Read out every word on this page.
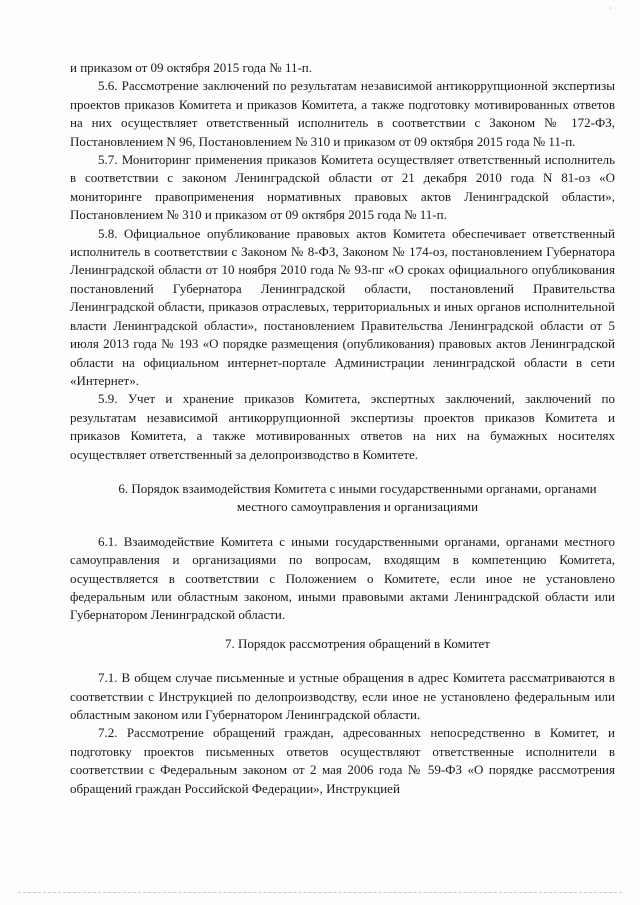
·
и приказом от 09 октября 2015 года № 11-п.
5.6. Рассмотрение заключений по результатам независимой антикоррупционной экспертизы проектов приказов Комитета и приказов Комитета, а также подготовку мотивированных ответов на них осуществляет ответственный исполнитель в соответствии с Законом № 172-ФЗ, Постановлением N 96, Постановлением № 310 и приказом от 09 октября 2015 года № 11-п.
5.7. Мониторинг применения приказов Комитета осуществляет ответственный исполнитель в соответствии с законом Ленинградской области от 21 декабря 2010 года N 81-оз «О мониторинге правоприменения нормативных правовых актов Ленинградской области», Постановлением № 310 и приказом от 09 октября 2015 года № 11-п.
5.8. Официальное опубликование правовых актов Комитета обеспечивает ответственный исполнитель в соответствии с Законом № 8-ФЗ, Законом № 174-оз, постановлением Губернатора Ленинградской области от 10 ноября 2010 года № 93-пг «О сроках официального опубликования постановлений Губернатора Ленинградской области, постановлений Правительства Ленинградской области, приказов отраслевых, территориальных и иных органов исполнительной власти Ленинградской области», постановлением Правительства Ленинградской области от 5 июля 2013 года № 193 «О порядке размещения (опубликования) правовых актов Ленинградской области на официальном интернет-портале Администрации ленинградской области в сети «Интернет».
5.9. Учет и хранение приказов Комитета, экспертных заключений, заключений по результатам независимой антикоррупционной экспертизы проектов приказов Комитета и приказов Комитета, а также мотивированных ответов на них на бумажных носителях осуществляет ответственный за делопроизводство в Комитете.
6. Порядок взаимодействия Комитета с иными государственными органами, органами местного самоуправления и организациями
6.1. Взаимодействие Комитета с иными государственными органами, органами местного самоуправления и организациями по вопросам, входящим в компетенцию Комитета, осуществляется в соответствии с Положением о Комитете, если иное не установлено федеральным или областным законом, иными правовыми актами Ленинградской области или Губернатором Ленинградской области.
7. Порядок рассмотрения обращений в Комитет
7.1. В общем случае письменные и устные обращения в адрес Комитета рассматриваются в соответствии с Инструкцией по делопроизводству, если иное не установлено федеральным или областным законом или Губернатором Ленинградской области.
7.2. Рассмотрение обращений граждан, адресованных непосредственно в Комитет, и подготовку проектов письменных ответов осуществляют ответственные исполнители в соответствии с Федеральным законом от 2 мая 2006 года № 59-ФЗ «О порядке рассмотрения обращений граждан Российской Федерации», Инструкцией
